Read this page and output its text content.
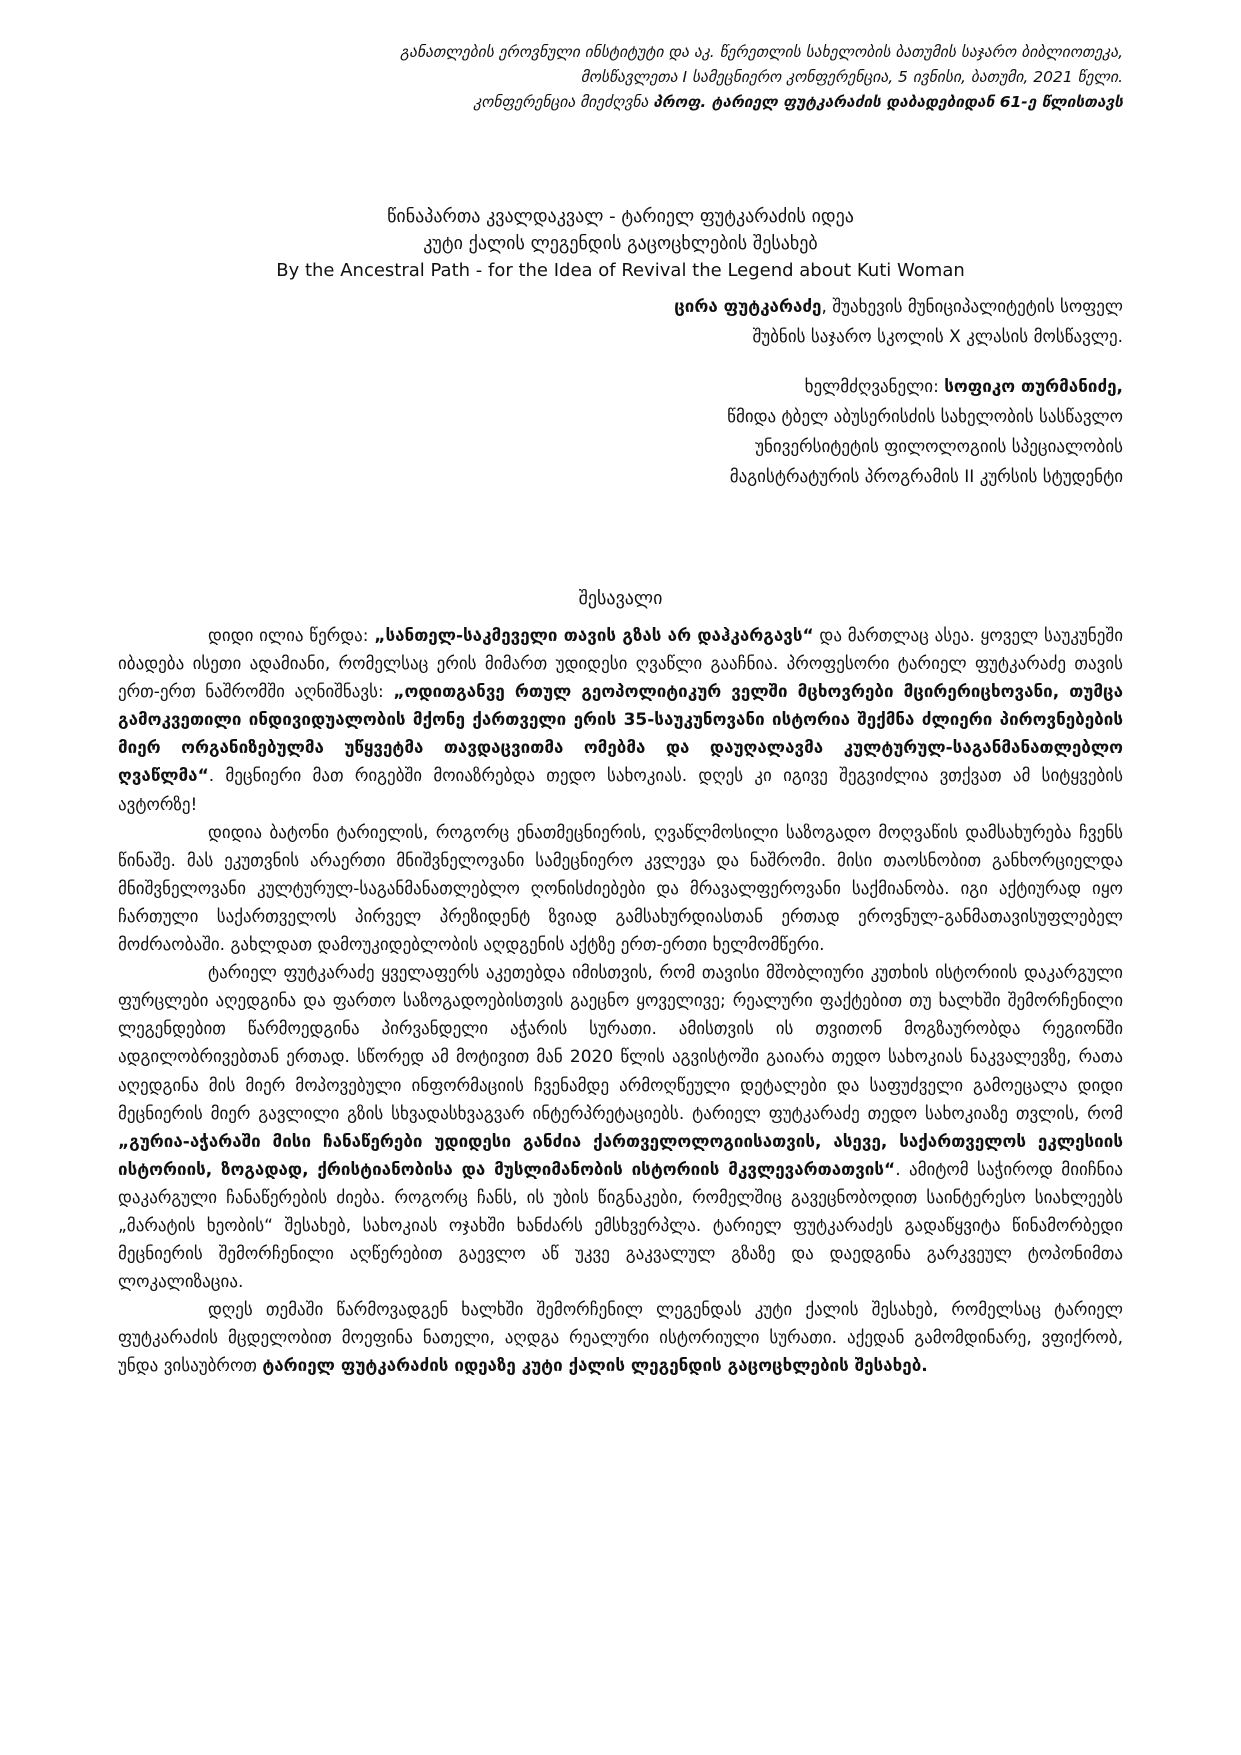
განათლების ეროვნული ინსტიტუტი და აკ. წერეთლის სახელობის ბათუმის საჯარო ბიბლიოთეკა,
მოსწავლეთა I სამეცნიერო კონფერენცია, 5 ივნისი, ბათუმი, 2021 წელი.
კონფერენცია მიეძღვნა პროფ. ტარიელ ფუტკარაძის დაბადებიდან 61-ე წლისთავს
წინაპართა კვალდაკვალ - ტარიელ ფუტკარაძის იდეა
კუტი ქალის ლეგენდის გაცოცხლების შესახებ
By the Ancestral Path - for the Idea of Revival the Legend about Kuti Woman
ცირა ფუტკარაძე, შუახევის მუნიციპალიტეტის სოფელ
შუბნის საჯარო სკოლის X კლასის მოსწავლე.
ხელმძღვანელი: სოფიკო თურმანიძე,
წმიდა ტბელ აბუსერისძის სახელობის სასწავლო
უნივერსიტეტის ფილოლოგიის სპეციალობის
მაგისტრატურის პროგრამის II კურსის სტუდენტი
შესავალი

დიდი ილია წერდა: „სანთელ-საკმეველი თავის გზას არ დაჰკარგავს“ და მართლაც ასეა. ყოველ საუკუნეში იბადება ისეთი ადამიანი, რომელსაც ერის მიმართ უდიდესი ღვაწლი გააჩნია. პროფესორი ტარიელ ფუტკარაძე თავის ერთ-ერთ ნაშრომში აღნიშნავს: „ოდითგანვე რთულ გეოპოლიტიკურ ველში მცხოვრები მცირერიცხოვანი, თუმცა გამოკვეთილი ინდივიდუალობის მქონე ქართველი ერის 35-საუკუნოვანი ისტორია შექმნა ძლიერი პიროვნებების მიერ ორგანიზებულმა უწყვეტმა თავდაცვითმა ომებმა და დაუღალავმა კულტურულ-საგანმანათლებლო ღვაწლმა“. მეცნიერი მათ რიგებში მოიაზრებდა თედო სახოკიას. დღეს კი იგივე შეგვიძლია ვთქვათ ამ სიტყვების ავტორზე!

დიდია ბატონი ტარიელის, როგორც ენათმეცნიერის, ღვაწლმოსილი საზოგადო მოღვაწის დამსახურება ჩვენს წინაშე. მას ეკუთვნის არაერთი მნიშვნელოვანი სამეცნიერო კვლევა და ნაშრომი. მისი თაოსნობით განხორციელდა მნიშვნელოვანი კულტურულ-საგანმანათლებლო ღონისძიებები და მრავალფეროვანი საქმიანობა. იგი აქტიურად იყო ჩართული საქართველოს პირველ პრეზიდენტ ზვიად გამსახურდიასთან ერთად ეროვნულ-განმათავისუფლებელ მოძრაობაში. გახლდათ დამოუკიდებლობის აღდგენის აქტზე ერთ-ერთი ხელმომწერი.

ტარიელ ფუტკარაძე ყველაფერს აკეთებდა იმისთვის, რომ თავისი მშობლიური კუთხის ისტორიის დაკარგული ფურცლები აღედგინა და ფართო საზოგადოებისთვის გაეცნო ყოველივე; რეალური ფაქტებით თუ ხალხში შემორჩენილი ლეგენდებით წარმოედგინა პირვანდელი აჭარის სურათი. ამისთვის ის თვითონ მოგზაურობდა რეგიონში ადგილობრივებთან ერთად. სწორედ ამ მოტივით მან 2020 წლის აგვისტოში გაიარა თედო სახოკიას ნაკვალევზე, რათა აღედგინა მის მიერ მოპოვებული ინფორმაციის ჩვენამდე არმოღწეული დეტალები და საფუძველი გამოეცალა დიდი მეცნიერის მიერ გავლილი გზის სხვადასხვაგვარ ინტერპრეტაციებს. ტარიელ ფუტკარაძე თედო სახოკიაზე თვლის, რომ „გურია-აჭარაში მისი ჩანაწერები უდიდესი განძია ქართველოლოგიისათვის, ასევე, საქართველოს ეკლესიის ისტორიის, ზოგადად, ქრისტიანობისა და მუსლიმანობის ისტორიის მკვლევართათვის“. ამიტომ საჭიროდ მიიჩნია დაკარგული ჩანაწერების ძიება. როგორც ჩანს, ის უბის წიგნაკები, რომელშიც გავეცნობოდით საინტერესო სიახლეებს „მარატის ხეობის“ შესახებ, სახოკიას ოჯახში ხანძარს ემსხვერპლა. ტარიელ ფუტკარაძეს გადაწყვიტა წინამორბედი მეცნიერის შემორჩენილი აღწერებით გაევლო აწ უკვე გაკვალულ გზაზე და დაედგინა გარკვეულ ტოპონიმთა ლოკალიზაცია.

დღეს თემაში წარმოვადგენ ხალხში შემორჩენილ ლეგენდას კუტი ქალის შესახებ, რომელსაც ტარიელ ფუტკარაძის მცდელობით მოეფინა ნათელი, აღდგა რეალური ისტორიული სურათი. აქედან გამომდინარე, ვფიქრობ, უნდა ვისაუბროთ ტარიელ ფუტკარაძის იდეაზე კუტი ქალის ლეგენდის გაცოცხლების შესახებ.
